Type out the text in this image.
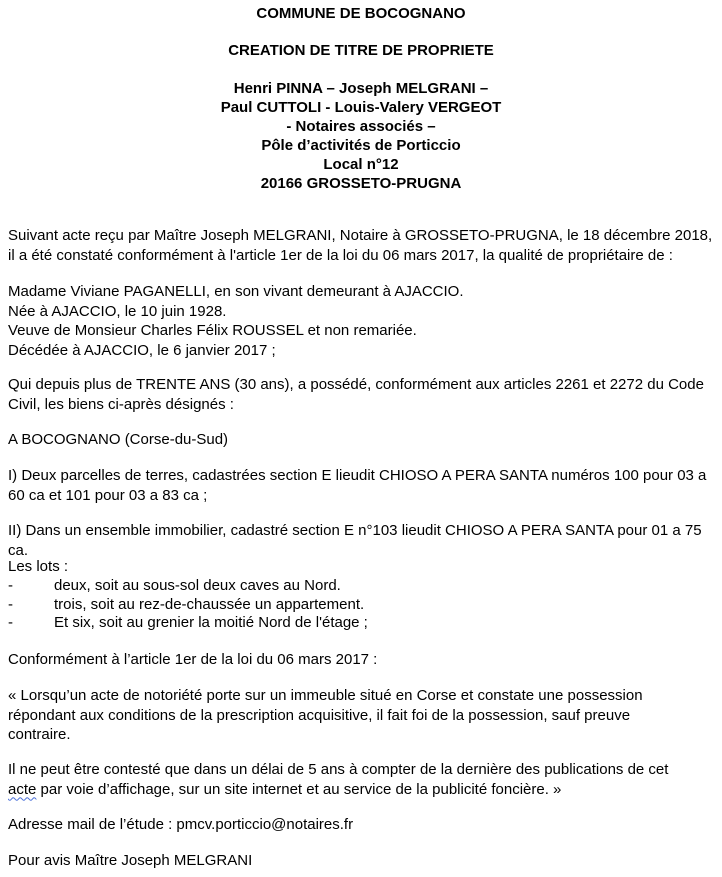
COMMUNE DE BOCOGNANO
CREATION DE TITRE DE PROPRIETE
Henri PINNA – Joseph MELGRANI –
Paul CUTTOLI - Louis-Valery VERGEOT
- Notaires associés –
Pôle d’activités de Porticcio
Local n°12
20166 GROSSETO-PRUGNA
Suivant acte reçu par Maître Joseph MELGRANI, Notaire à GROSSETO-PRUGNA, le 18 décembre 2018,
il a été constaté conformément à l'article 1er de la loi du 06 mars 2017, la qualité de propriétaire de :
Madame Viviane PAGANELLI, en son vivant demeurant à AJACCIO.
Née à AJACCIO, le 10 juin 1928.
Veuve de Monsieur Charles Félix ROUSSEL et non remariée.
Décédée à AJACCIO, le 6 janvier 2017 ;
Qui depuis plus de TRENTE ANS (30 ans), a possédé, conformément aux articles 2261 et 2272 du Code
Civil, les biens ci-après désignés :
A BOCOGNANO (Corse-du-Sud)
I) Deux parcelles de terres, cadastrées section E lieudit CHIOSO A PERA SANTA numéros 100 pour 03 a
60 ca et 101 pour 03 a 83 ca ;
II) Dans un ensemble immobilier, cadastré section E n°103 lieudit CHIOSO A PERA SANTA pour 01 a 75
ca.
Les lots :
-	deux, soit au sous-sol deux caves au Nord.
-	trois, soit au rez-de-chaussée un appartement.
-	Et six, soit au grenier la moitié Nord de l'étage ;
Conformément à l’article 1er de la loi du 06 mars 2017 :
« Lorsqu’un acte de notoriété porte sur un immeuble situé en Corse et constate une possession
répondant aux conditions de la prescription acquisitive, il fait foi de la possession, sauf preuve
contraire.
Il ne peut être contesté que dans un délai de 5 ans à compter de la dernière des publications de cet
acte par voie d’affichage, sur un site internet et au service de la publicité foncière. »
Adresse mail de l’étude : pmcv.porticcio@notaires.fr
Pour avis Maître Joseph MELGRANI
